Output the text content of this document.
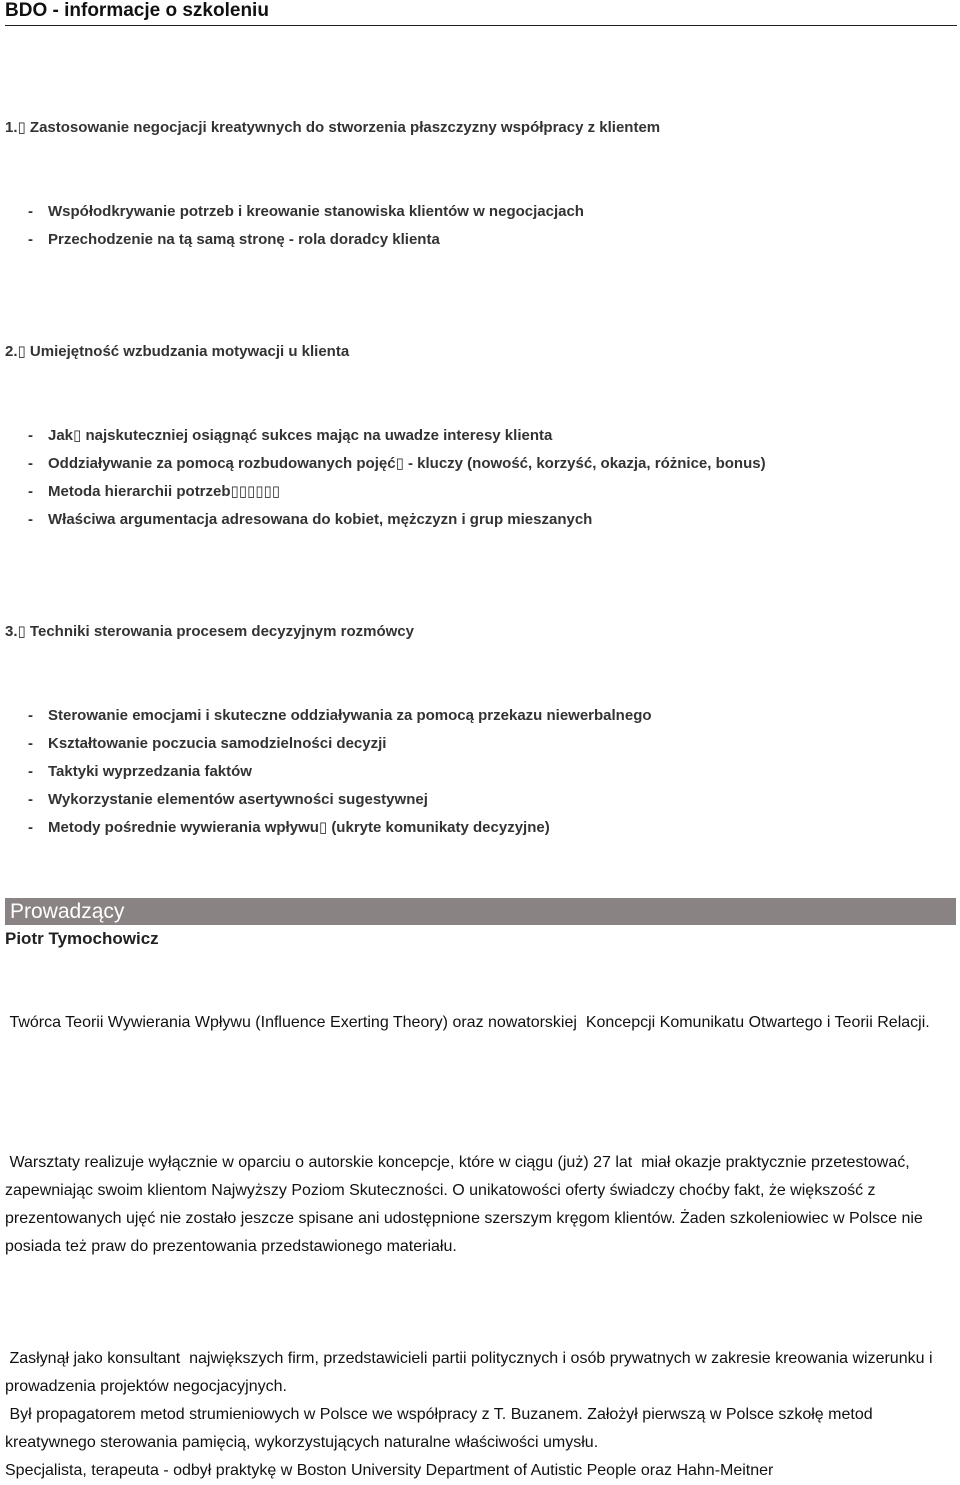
BDO - informacje o szkoleniu
1.▯ Zastosowanie negocjacji kreatywnych do stworzenia płaszczyzny współpracy z klientem
- Współodkrywanie potrzeb i kreowanie stanowiska klientów w negocjacjach
- Przechodzenie na tą samą stronę - rola doradcy klienta
2.▯ Umiejętność wzbudzania motywacji u klienta
- Jak▯ najskuteczniej osiągnąć sukces mając na uwadze interesy klienta
- Oddziaływanie za pomocą rozbudowanych pojęć▯ - kluczy (nowość, korzyść, okazja, różnice, bonus)
- Metoda hierarchii potrzeb▯▯▯▯▯▯
- Właściwa argumentacja adresowana do kobiet, mężczyzn i grup mieszanych
3.▯ Techniki sterowania procesem decyzyjnym rozmówcy
- Sterowanie emocjami i skuteczne oddziaływania za pomocą przekazu niewerbalnego
- Kształtowanie poczucia samodzielności decyzji
- Taktyki wyprzedzania faktów
- Wykorzystanie elementów asertywności sugestywnej
- Metody pośrednie wywierania wpływu▯ (ukryte komunikaty decyzyjne)
Prowadzący
Piotr Tymochowicz
Twórca Teorii Wywierania Wpływu (Influence Exerting Theory) oraz nowatorskiej  Koncepcji Komunikatu Otwartego i Teorii Relacji.
Warsztaty realizuje wyłącznie w oparciu o autorskie koncepcje, które w ciągu (już) 27 lat  miał okazje praktycznie przetestować, zapewniając swoim klientom Najwyższy Poziom Skuteczności. O unikatowości oferty świadczy choćby fakt, że większość z prezentowanych ujęć nie zostało jeszcze spisane ani udostępnione szerszym kręgom klientów. Żaden szkoleniowiec w Polsce nie posiada też praw do prezentowania przedstawionego materiału.
Zasłynął jako konsultant  największych firm, przedstawicieli partii politycznych i osób prywatnych w zakresie kreowania wizerunku i prowadzenia projektów negocjacyjnych.
Był propagatorem metod strumieniowych w Polsce we współpracy z T. Buzanem. Założył pierwszą w Polsce szkołę metod kreatywnego sterowania pamięcią, wykorzystujących naturalne właściwości umysłu.
Specjalista, terapeuta - odbył praktykę w Boston University Department of Autistic People oraz Hahn-Meitner
